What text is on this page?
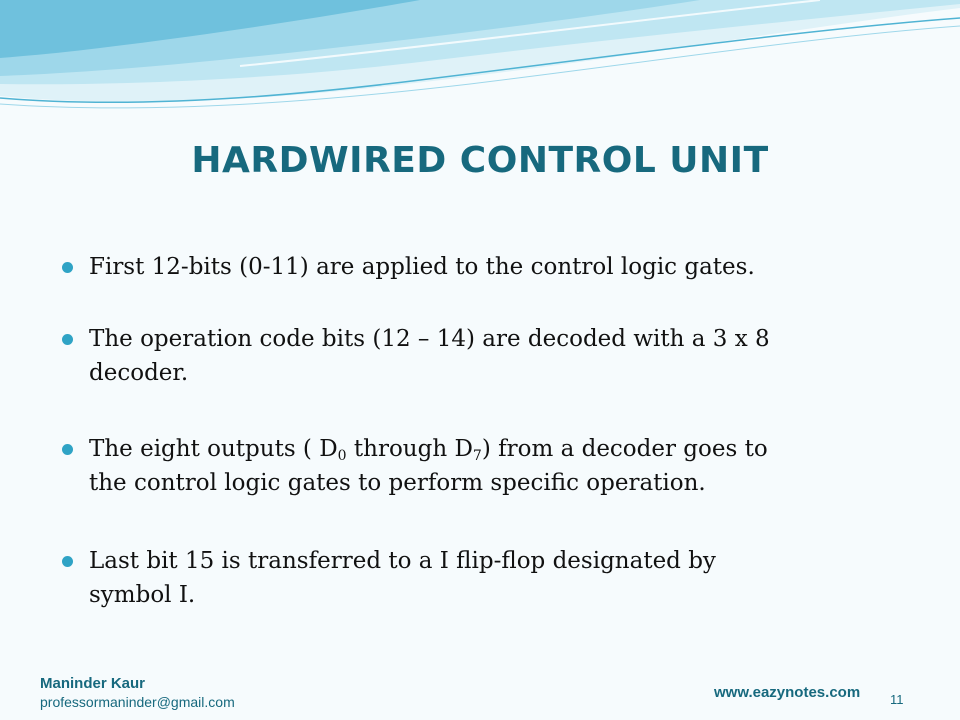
HARDWIRED CONTROL UNIT
First 12-bits (0-11) are applied to the control logic gates.
The operation code bits (12 – 14) are decoded with a 3 x 8
decoder.
The eight outputs ( $D_0$ through $D_7$) from a decoder goes to
the control logic gates to perform specific operation.
Last bit 15 is transferred to a I flip-flop designated by
symbol I.
Maninder Kaur
professormaninder@gmail.com
www.eazynotes.com 11
